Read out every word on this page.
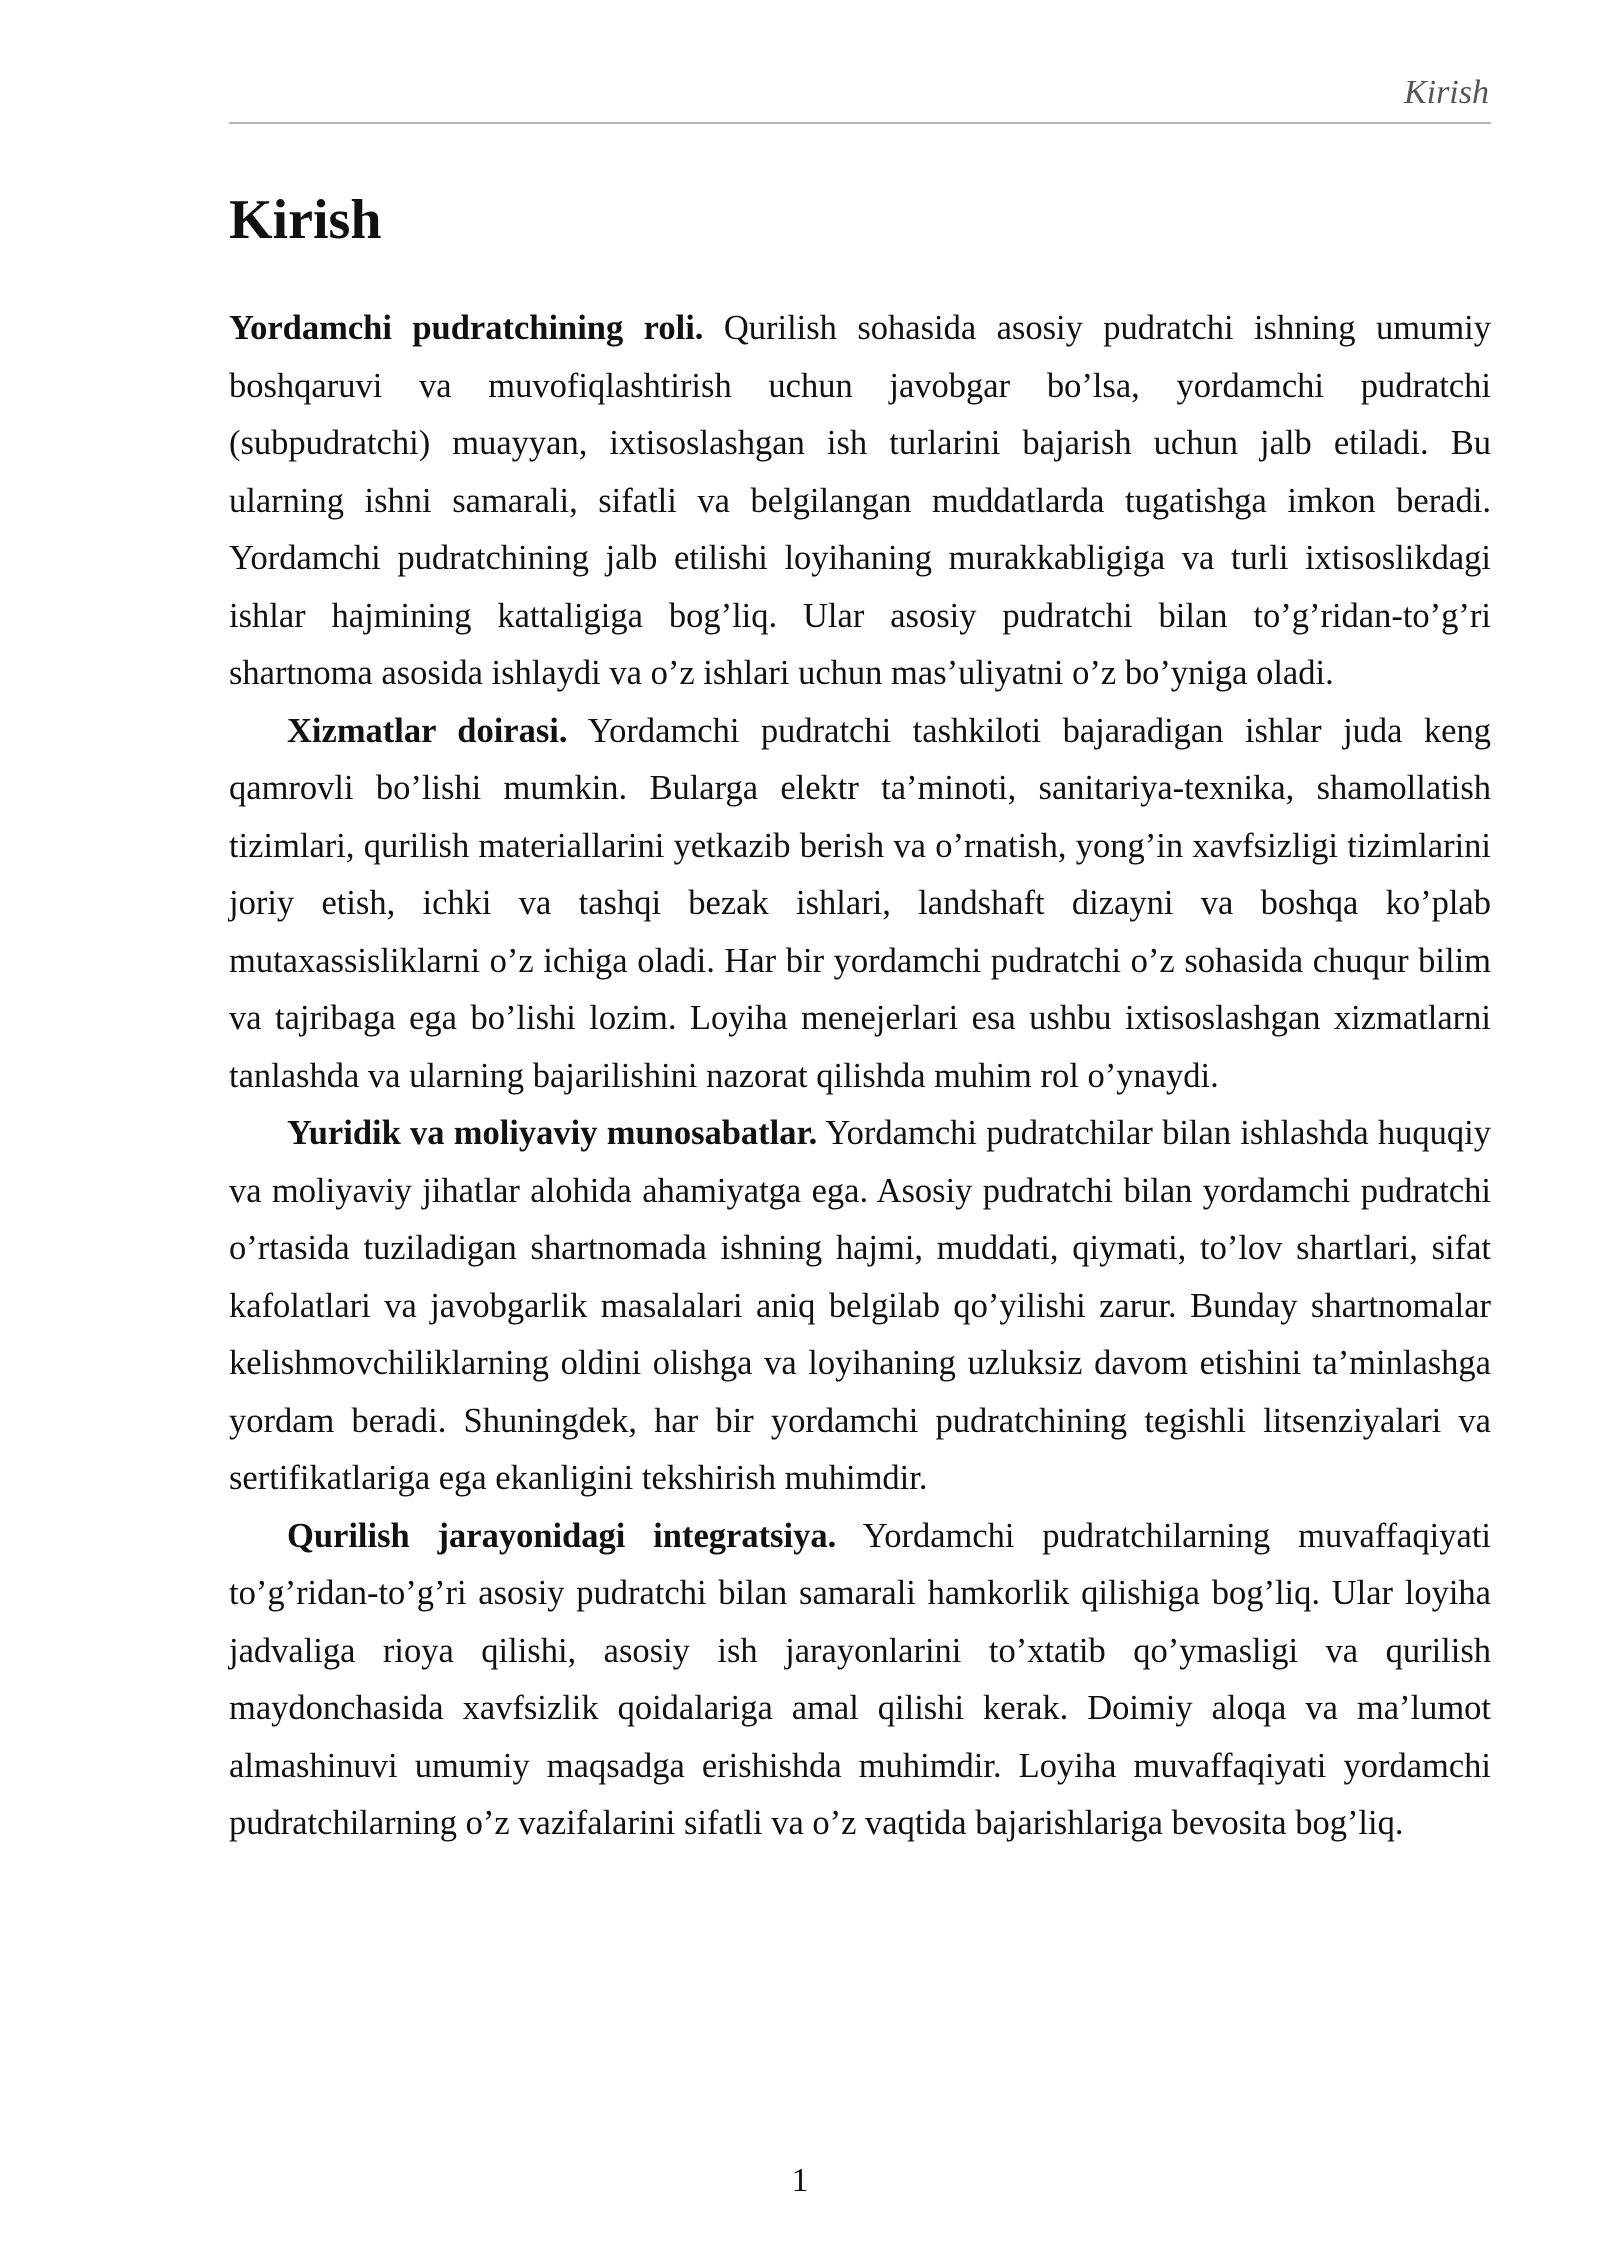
Kirish
Kirish

Yordamchi pudratchining roli. Qurilish sohasida asosiy pudratchi ishning umumiy boshqaruvi va muvofiqlashtirish uchun javobgar bo’lsa, yordamchi pudratchi (subpudratchi) muayyan, ixtisoslashgan ish turlarini bajarish uchun jalb etiladi. Bu ularning ishni samarali, sifatli va belgilangan muddatlarda tugatishga imkon beradi. Yordamchi pudratchining jalb etilishi loyihaning murakkabligiga va turli ixtisoslikdagi ishlar hajmining kattaligiga bog’liq. Ular asosiy pudratchi bilan to’g’ridan-to’g’ri shartnoma asosida ishlaydi va o’z ishlari uchun mas’uliyatni o’z bo’yniga oladi.

Xizmatlar doirasi. Yordamchi pudratchi tashkiloti bajaradigan ishlar juda keng qamrovli bo’lishi mumkin. Bularga elektr ta’minoti, sanitariya-texnika, shamollatish tizimlari, qurilish materiallarini yetkazib berish va o’rnatish, yong’in xavfsizligi tizimlarini joriy etish, ichki va tashqi bezak ishlari, landshaft dizayni va boshqa ko’plab mutaxassisliklarni o’z ichiga oladi. Har bir yordamchi pudratchi o’z sohasida chuqur bilim va tajribaga ega bo’lishi lozim. Loyiha menejerlari esa ushbu ixtisoslashgan xizmatlarni tanlashda va ularning bajarilishini nazorat qilishda muhim rol o’ynaydi.

Yuridik va moliyaviy munosabatlar. Yordamchi pudratchilar bilan ishlashda huquqiy va moliyaviy jihatlar alohida ahamiyatga ega. Asosiy pudratchi bilan yordamchi pudratchi o’rtasida tuziladigan shartnomada ishning hajmi, muddati, qiymati, to’lov shartlari, sifat kafolatlari va javobgarlik masalalari aniq belgilab qo’yilishi zarur. Bunday shartnomalar kelishmovchiliklarning oldini olishga va loyihaning uzluksiz davom etishini ta’minlashga yordam beradi. Shuningdek, har bir yordamchi pudratchining tegishli litsenziyalari va sertifikatlariga ega ekanligini tekshirish muhimdir.

Qurilish jarayonidagi integratsiya. Yordamchi pudratchilarning muvaffaqiyati to’g’ridan-to’g’ri asosiy pudratchi bilan samarali hamkorlik qilishiga bog’liq. Ular loyiha jadvaliga rioya qilishi, asosiy ish jarayonlarini to’xtatib qo’ymasligi va qurilish maydonchasida xavfsizlik qoidalariga amal qilishi kerak. Doimiy aloqa va ma’lumot almashinuvi umumiy maqsadga erishishda muhimdir. Loyiha muvaffaqiyati yordamchi pudratchilarning o’z vazifalarini sifatli va o’z vaqtida bajarishlariga bevosita bog’liq.

1
